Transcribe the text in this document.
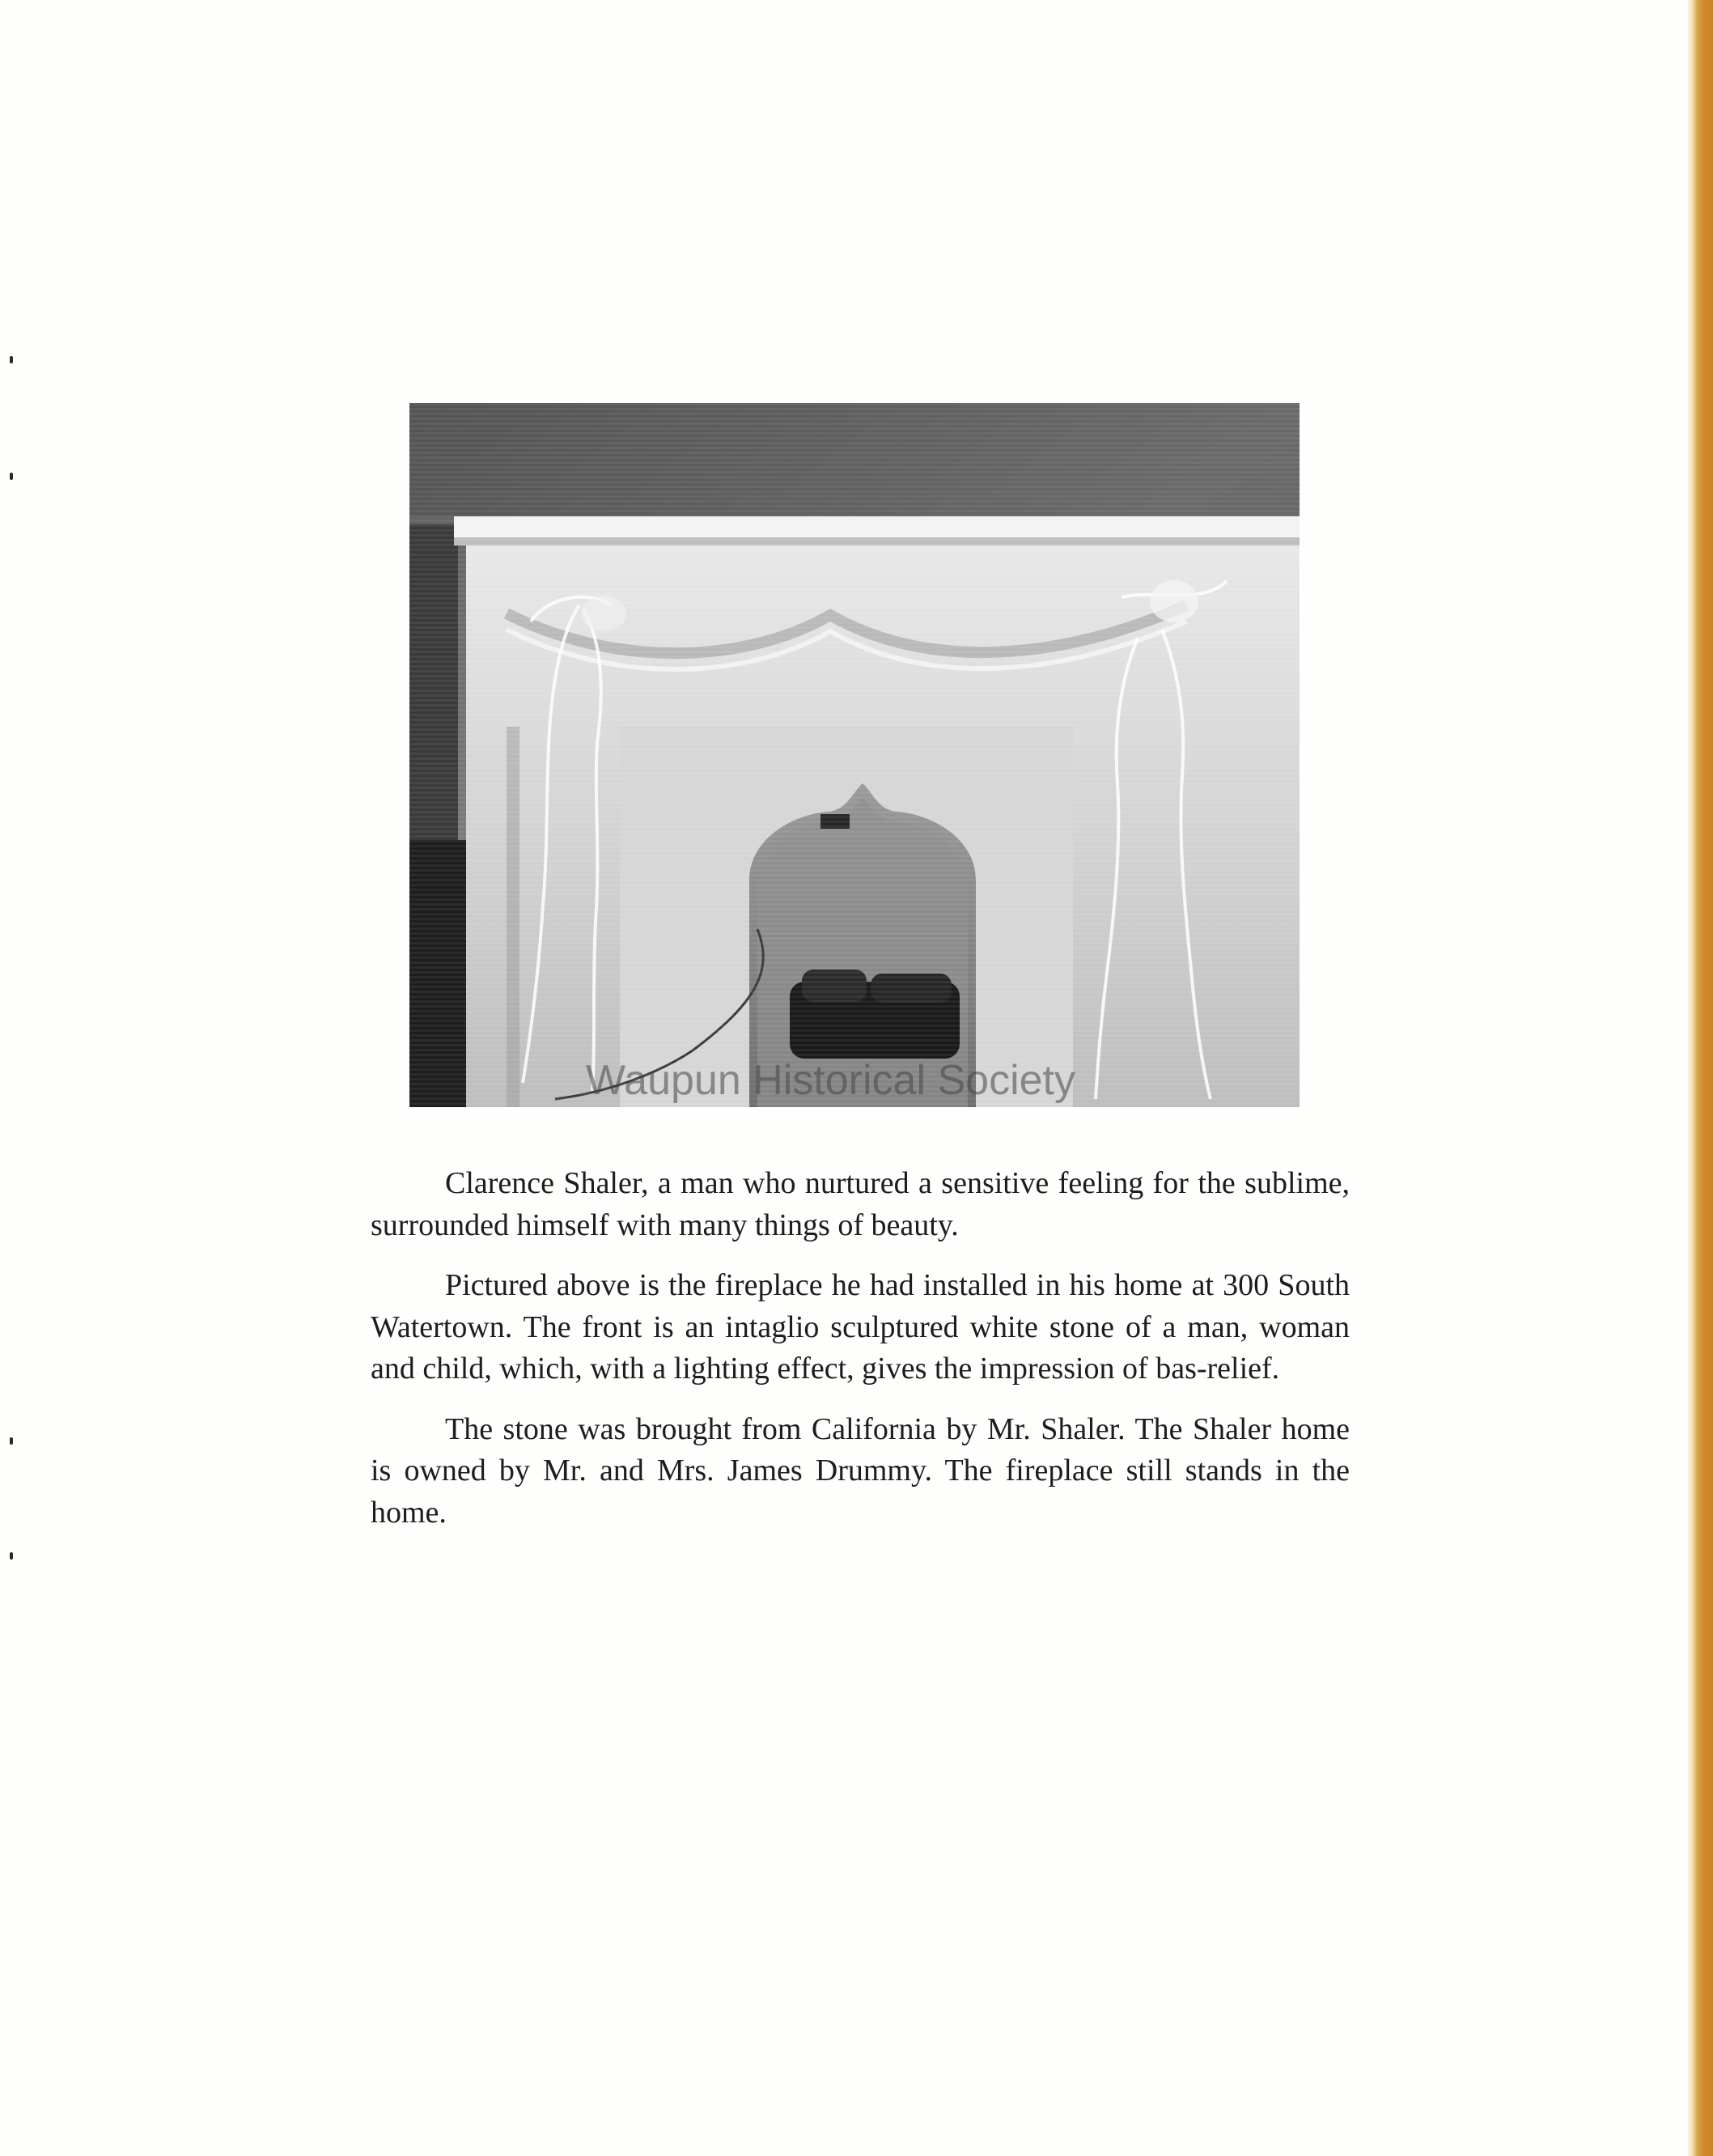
Waupun Historical Society

Clarence Shaler, a man who nurtured a sensitive feeling for the sublime, surrounded himself with many things of beauty.

Pictured above is the fireplace he had installed in his home at 300 South Watertown. The front is an intaglio sculptured white stone of a man, woman and child, which, with a lighting effect, gives the impression of bas-relief.

The stone was brought from California by Mr. Shaler. The Shaler home is owned by Mr. and Mrs. James Drummy. The fireplace still stands in the home.
